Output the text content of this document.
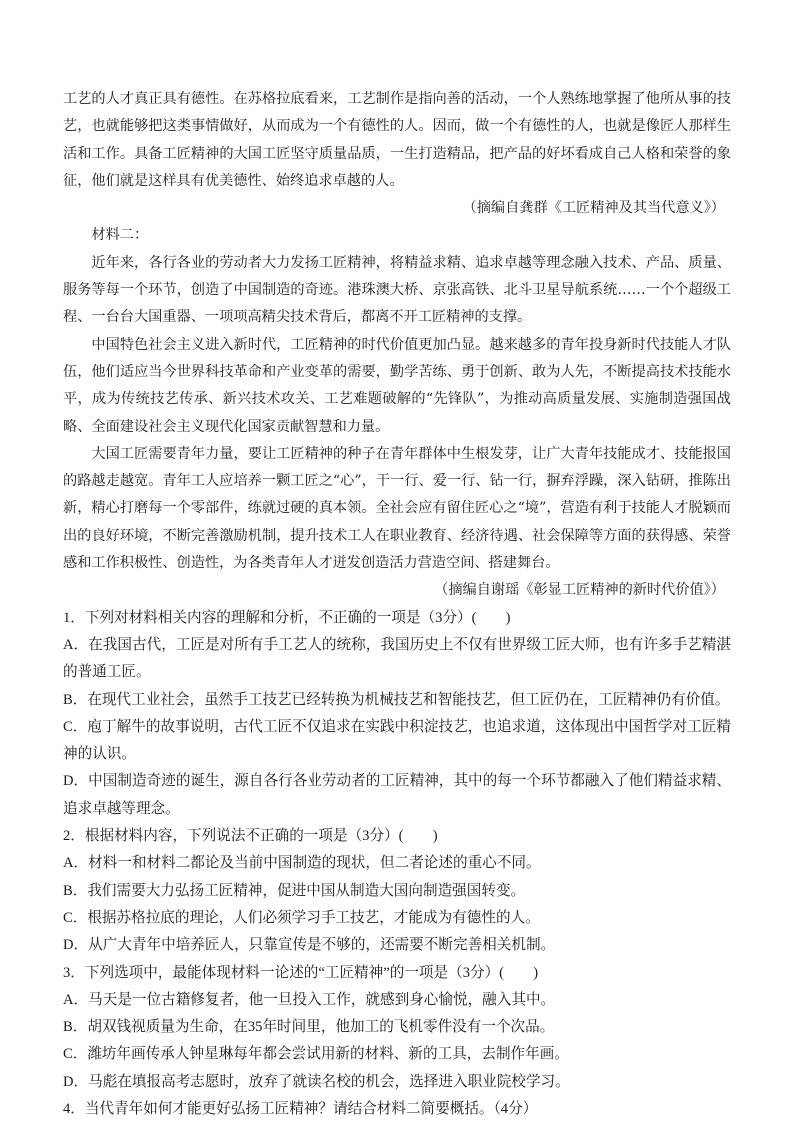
工艺的人才真正具有德性。在苏格拉底看来，工艺制作是指向善的活动，一个人熟练地掌握了他所从事的技艺，也就能够把这类事情做好，从而成为一个有德性的人。因而，做一个有德性的人，也就是像匠人那样生活和工作。具备工匠精神的大国工匠坚守质量品质，一生打造精品，把产品的好坏看成自己人格和荣誉的象征，他们就是这样具有优美德性、始终追求卓越的人。

（摘编自龚群《工匠精神及其当代意义》）

材料二：

近年来，各行各业的劳动者大力发扬工匠精神，将精益求精、追求卓越等理念融入技术、产品、质量、服务等每一个环节，创造了中国制造的奇迹。港珠澳大桥、京张高铁、北斗卫星导航系统……一个个超级工程、一台台大国重器、一项项高精尖技术背后，都离不开工匠精神的支撑。

中国特色社会主义进入新时代，工匠精神的时代价值更加凸显。越来越多的青年投身新时代技能人才队伍，他们适应当今世界科技革命和产业变革的需要，勤学苦练、勇于创新、敢为人先，不断提高技术技能水平，成为传统技艺传承、新兴技术攻关、工艺难题破解的“先锋队”，为推动高质量发展、实施制造强国战略、全面建设社会主义现代化国家贡献智慧和力量。

大国工匠需要青年力量，要让工匠精神的种子在青年群体中生根发芽，让广大青年技能成才、技能报国的路越走越宽。青年工人应培养一颗工匠之“心”，干一行、爱一行、钻一行，摒弃浮躁，深入钻研，推陈出新，精心打磨每一个零部件，练就过硬的真本领。全社会应有留住匠心之“境”，营造有利于技能人才脱颖而出的良好环境，不断完善激励机制，提升技术工人在职业教育、经济待遇、社会保障等方面的获得感、荣誉感和工作积极性、创造性，为各类青年人才迸发创造活力营造空间、搭建舞台。

（摘编自谢瑶《彰显工匠精神的新时代价值》）

1．下列对材料相关内容的理解和分析，不正确的一项是（3分）(　　)

A．在我国古代，工匠是对所有手工艺人的统称，我国历史上不仅有世界级工匠大师，也有许多手艺精湛的普通工匠。

B．在现代工业社会，虽然手工技艺已经转换为机械技艺和智能技艺，但工匠仍在，工匠精神仍有价值。

C．庖丁解牛的故事说明，古代工匠不仅追求在实践中积淀技艺，也追求道，这体现出中国哲学对工匠精神的认识。

D．中国制造奇迹的诞生，源自各行各业劳动者的工匠精神，其中的每一个环节都融入了他们精益求精、追求卓越等理念。

2．根据材料内容，下列说法不正确的一项是（3分）(　　)

A．材料一和材料二都论及当前中国制造的现状，但二者论述的重心不同。

B．我们需要大力弘扬工匠精神，促进中国从制造大国向制造强国转变。

C．根据苏格拉底的理论，人们必须学习手工技艺，才能成为有德性的人。

D．从广大青年中培养匠人，只靠宣传是不够的，还需要不断完善相关机制。

3．下列选项中，最能体现材料一论述的“工匠精神”的一项是（3分）(　　)

A．马天是一位古籍修复者，他一旦投入工作，就感到身心愉悦，融入其中。

B．胡双钱视质量为生命，在35年时间里，他加工的飞机零件没有一个次品。

C．潍坊年画传承人钟星琳每年都会尝试用新的材料、新的工具，去制作年画。

D．马彪在填报高考志愿时，放弃了就读名校的机会，选择进入职业院校学习。

4．当代青年如何才能更好弘扬工匠精神？请结合材料二简要概括。（4分）
